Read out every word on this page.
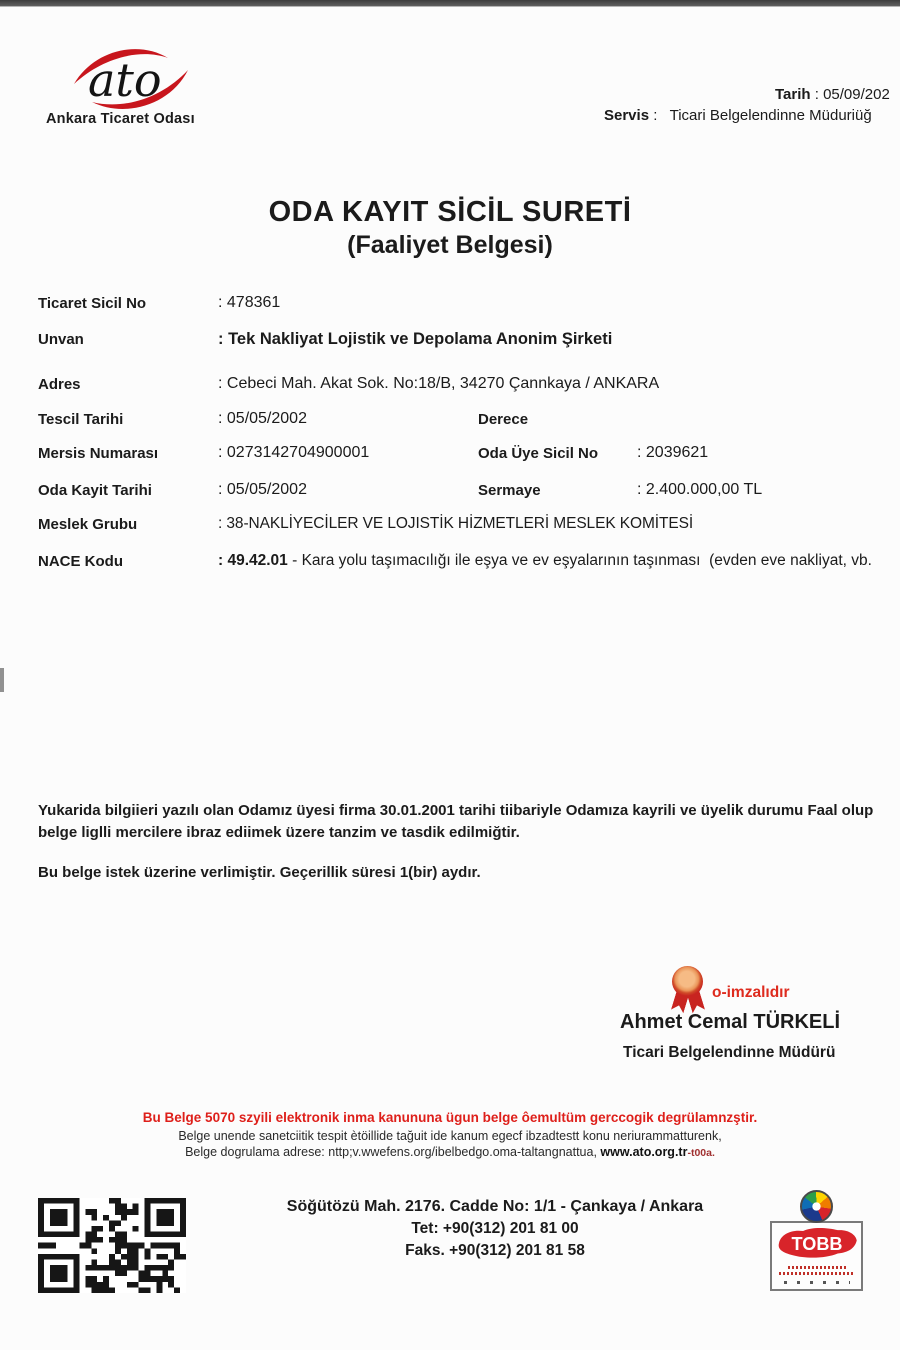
ato
Ankara Ticaret Odası
Tarih : 05/09/202
Servis :   Ticari Belgelendinne Müduriüğ
ODA KAYIT SİCİL SURETİ
(Faaliyet Belgesi)
Ticaret Sicil No	: 478361
Unvan	: Tek Nakliyat Lojistik ve Depolama Anonim Şirketi
Adres	: Cebeci Mah. Akat Sok. No:18/B, 34270 Çannkaya / ANKARA
Tescil Tarihi	: 05/05/2002	Derece
Mersis Numarası	: 0273142704900001	Oda Üye Sicil No : 2039621
Oda Kayit Tarihi	: 05/05/2002	Sermaye	: 2.400.000,00 TL
Meslek Grubu	: 38-NAKLİYECİLER VE LOJISTİK HİZMETLERİ MESLEK KOMİTESİ
NACE Kodu	: 49.42.01 - Kara yolu taşımacılığı ile eşya ve ev eşyalarının taşınması  (evden eve nakliyat, vb.
Yukarida bilgiieri yazılı olan Odamız üyesi firma 30.01.2001 tarihi tiibariyle Odamıza kayrili ve üyelik durumu Faal olup belge liglli mercilere ibraz ediimek üzere tanzim ve tasdik edilmiğtir.
Bu belge istek üzerine verlimiştir. Geçerillik süresi 1(bir) aydır.
o-imzalıdır
Ahmet Cemal TÜRKELİ
Ticari Belgelendinne Müdürü
Bu Belge 5070 szyili elektronik inma kanununa ügun belge ôemultüm gerccogik degrülamnzştir.
Belge unende sanetciitik tespit ètöillide tağuit ide kanum egecf ibzadtestt konu neriurammatturenk,
Belge dogrulama adrese: nttp;v.wwefens.org/ibelbedgo.oma-taltangnattua, www.ato.org.tr-t00a.
Söğütözü Mah. 2176. Cadde No: 1/1 - Çankaya / Ankara
Tet: +90(312) 201 81 00
Faks. +90(312) 201 81 58	TOBB
